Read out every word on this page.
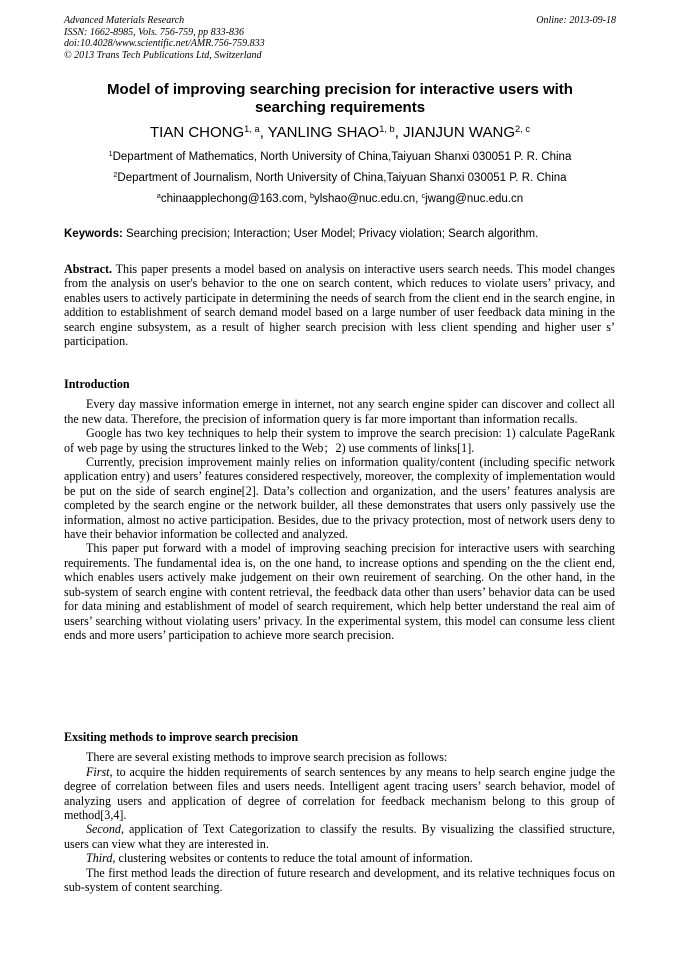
Advanced Materials Research
ISSN: 1662-8985, Vols. 756-759, pp 833-836
doi:10.4028/www.scientific.net/AMR.756-759.833
© 2013 Trans Tech Publications Ltd, Switzerland
Online: 2013-09-18
Model of improving searching precision for interactive users with
searching requirements
TIAN CHONG$^{1, a}$, YANLING SHAO$^{1, b}$, JIANJUN WANG$^{2, c}$
$^1$Department of Mathematics, North University of China,Taiyuan Shanxi 030051 P. R. China
$^2$Department of Journalism, North University of China,Taiyuan Shanxi 030051 P. R. China
$^a$chinaapplechong@163.com, $^b$ylshao@nuc.edu.cn, $^c$jwang@nuc.edu.cn
Keywords: Searching precision; Interaction; User Model; Privacy violation; Search algorithm.

Abstract. This paper presents a model based on analysis on interactive users search needs. This model changes from the analysis on user's behavior to the one on search content, which reduces to violate users’ privacy, and enables users to actively participate in determining the needs of search from the client end in the search engine, in addition to establishment of search demand model based on a large number of user feedback data mining in the search engine subsystem, as a result of higher search precision with less client spending and higher user s’ participation.

Introduction

Every day massive information emerge in internet, not any search engine spider can discover and collect all the new data. Therefore, the precision of information query is far more important than information recalls.

Google has two key techniques to help their system to improve the search precision: 1) calculate PageRank of web page by using the structures linked to the Web；2) use comments of links[1].

Currently, precision improvement mainly relies on information quality/content (including specific network application entry) and users’ features considered respectively, moreover, the complexity of implementation would be put on the side of search engine[2]. Data’s collection and organization, and the users’ features analysis are completed by the search engine or the network builder, all these demonstrates that users only passively use the information, almost no active participation. Besides, due to the privacy protection, most of network users deny to have their behavior information be collected and analyzed.

This paper put forward with a model of improving seaching precision for interactive users with searching requirements. The fundamental idea is, on the one hand, to increase options and spending on the the client end, which enables users actively make judgement on their own reuirement of searching. On the other hand, in the sub-system of search engine with content retrieval, the feedback data other than users’ behavior data can be used for data mining and establishment of model of search requirement, which help better understand the real aim of users’ searching without violating users’ privacy. In the experimental system, this model can consume less client ends and more users’ participation to achieve more search precision.

Exsiting methods to improve search precision

There are several existing methods to improve search precision as follows:

First, to acquire the hidden requirements of search sentences by any means to help search engine judge the degree of correlation between files and users needs. Intelligent agent tracing users’ search behavior, model of analyzing users and application of degree of correlation for feedback mechanism belong to this group of method[3,4].

Second, application of Text Categorization to classify the results. By visualizing the classified structure, users can view what they are interested in.

Third, clustering websites or contents to reduce the total amount of information.

The first method leads the direction of future research and development, and its relative techniques focus on sub-system of content searching.
